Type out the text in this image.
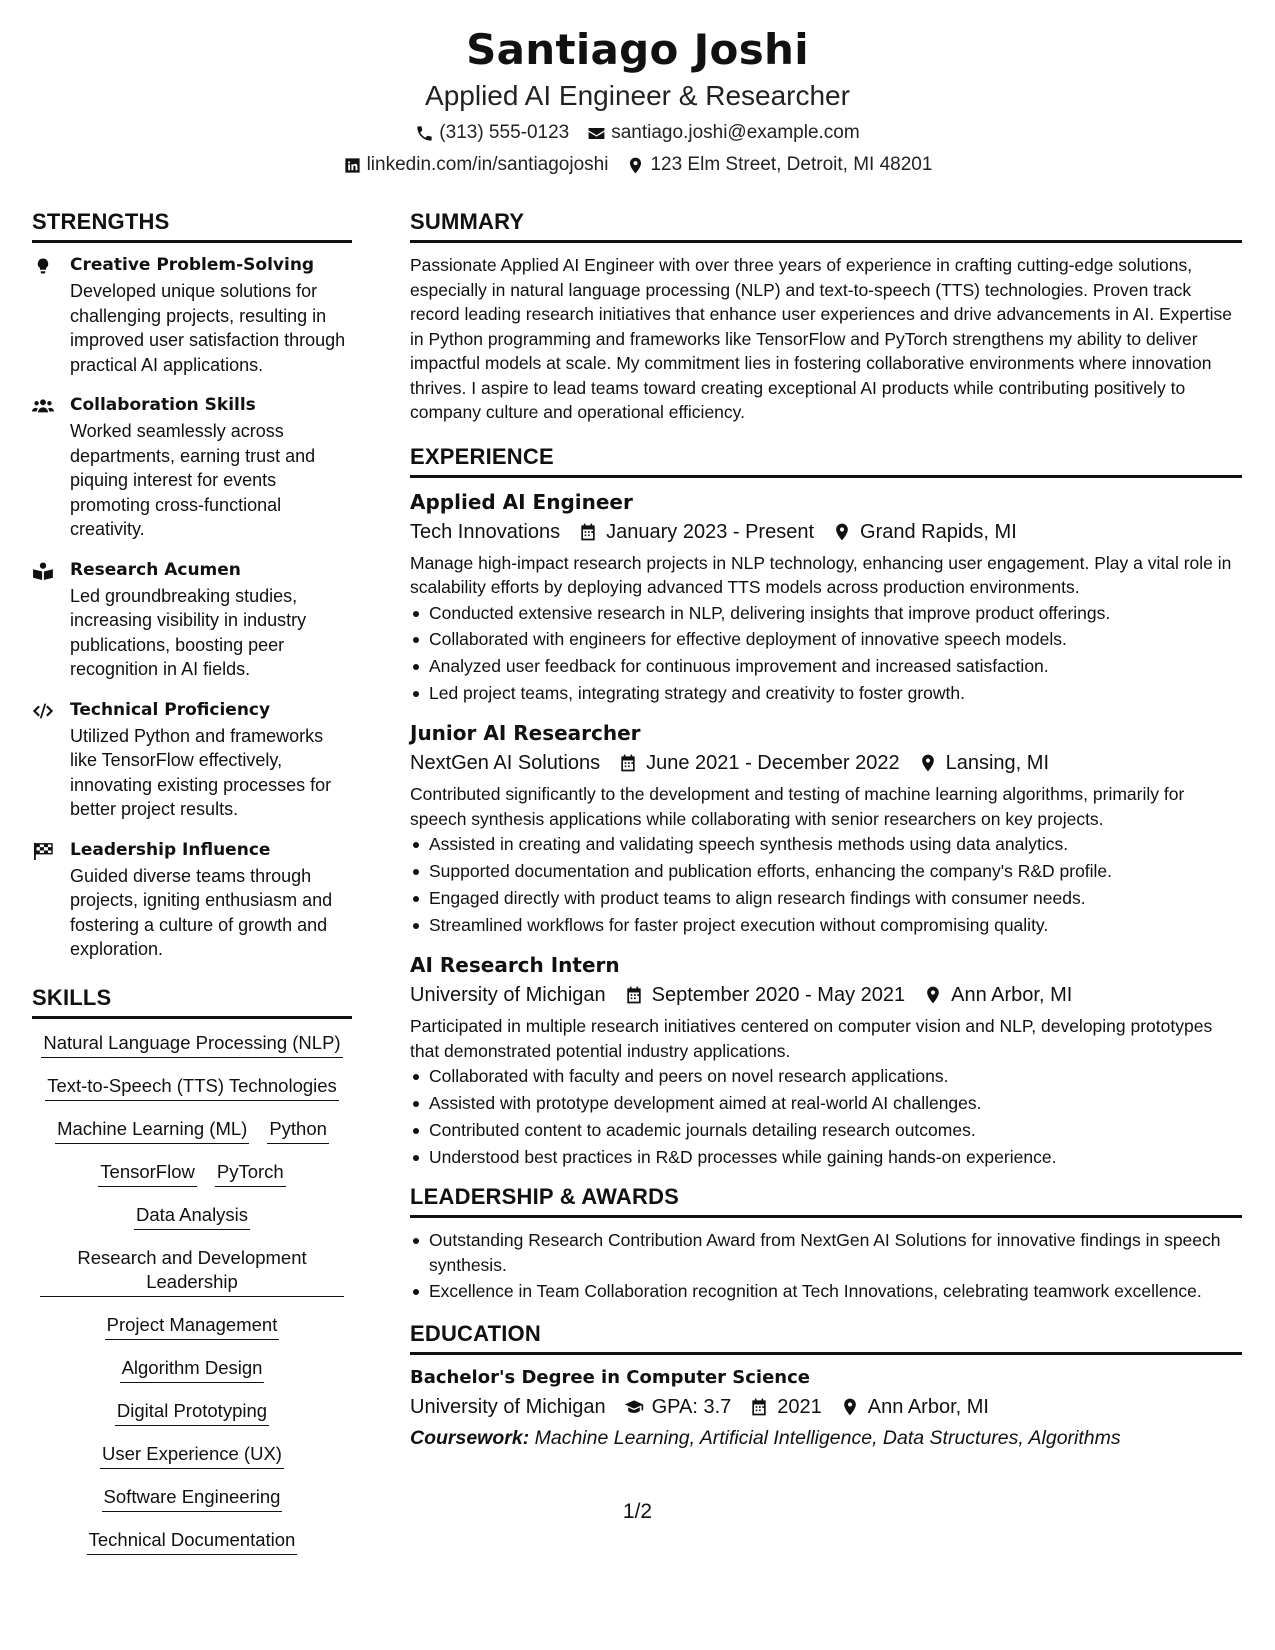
Santiago Joshi
Applied AI Engineer & Researcher
(313) 555-0123 santiago.joshi@example.com
linkedin.com/in/santiagojoshi 123 Elm Street, Detroit, MI 48201
STRENGTHS
Creative Problem-Solving
Developed unique solutions for challenging projects, resulting in improved user satisfaction through practical AI applications.
Collaboration Skills
Worked seamlessly across departments, earning trust and piquing interest for events promoting cross-functional creativity.
Research Acumen
Led groundbreaking studies, increasing visibility in industry publications, boosting peer recognition in AI fields.
Technical Proficiency
Utilized Python and frameworks like TensorFlow effectively, innovating existing processes for better project results.
Leadership Influence
Guided diverse teams through projects, igniting enthusiasm and fostering a culture of growth and exploration.
SKILLS
Natural Language Processing (NLP)
Text-to-Speech (TTS) Technologies
Machine Learning (ML) Python
TensorFlow PyTorch
Data Analysis
Research and Development Leadership
Project Management
Algorithm Design
Digital Prototyping
User Experience (UX)
Software Engineering
Technical Documentation
SUMMARY
Passionate Applied AI Engineer with over three years of experience in crafting cutting-edge solutions, especially in natural language processing (NLP) and text-to-speech (TTS) technologies. Proven track record leading research initiatives that enhance user experiences and drive advancements in AI. Expertise in Python programming and frameworks like TensorFlow and PyTorch strengthens my ability to deliver impactful models at scale. My commitment lies in fostering collaborative environments where innovation thrives. I aspire to lead teams toward creating exceptional AI products while contributing positively to company culture and operational efficiency.
EXPERIENCE
Applied AI Engineer
Tech Innovations January 2023 - Present Grand Rapids, MI
Manage high-impact research projects in NLP technology, enhancing user engagement. Play a vital role in scalability efforts by deploying advanced TTS models across production environments.
Conducted extensive research in NLP, delivering insights that improve product offerings.
Collaborated with engineers for effective deployment of innovative speech models.
Analyzed user feedback for continuous improvement and increased satisfaction.
Led project teams, integrating strategy and creativity to foster growth.
Junior AI Researcher
NextGen AI Solutions June 2021 - December 2022 Lansing, MI
Contributed significantly to the development and testing of machine learning algorithms, primarily for speech synthesis applications while collaborating with senior researchers on key projects.
Assisted in creating and validating speech synthesis methods using data analytics.
Supported documentation and publication efforts, enhancing the company's R&D profile.
Engaged directly with product teams to align research findings with consumer needs.
Streamlined workflows for faster project execution without compromising quality.
AI Research Intern
University of Michigan September 2020 - May 2021 Ann Arbor, MI
Participated in multiple research initiatives centered on computer vision and NLP, developing prototypes that demonstrated potential industry applications.
Collaborated with faculty and peers on novel research applications.
Assisted with prototype development aimed at real-world AI challenges.
Contributed content to academic journals detailing research outcomes.
Understood best practices in R&D processes while gaining hands-on experience.
LEADERSHIP & AWARDS
Outstanding Research Contribution Award from NextGen AI Solutions for innovative findings in speech synthesis.
Excellence in Team Collaboration recognition at Tech Innovations, celebrating teamwork excellence.
EDUCATION
Bachelor's Degree in Computer Science
University of Michigan GPA: 3.7 2021 Ann Arbor, MI
Coursework: Machine Learning, Artificial Intelligence, Data Structures, Algorithms
1/2
